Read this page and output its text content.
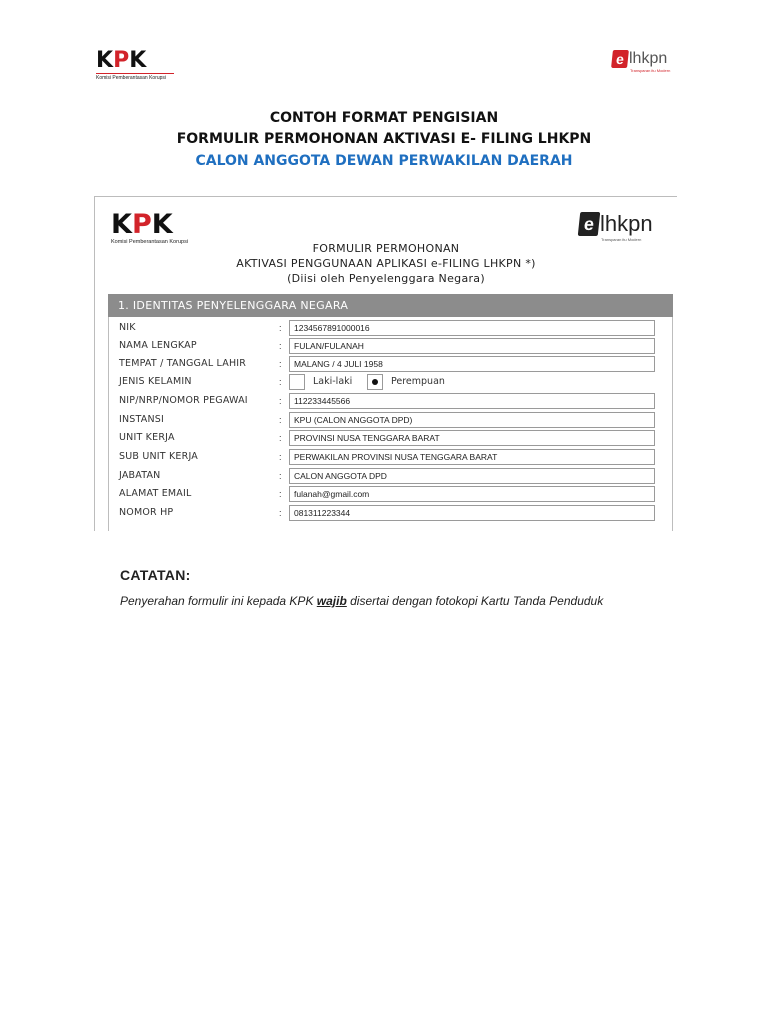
K P K
Komisi Pemberantasan Korupsi
e lhkpn
Transparan itu Modern
CONTOH FORMAT PENGISIAN
FORMULIR PERMOHONAN AKTIVASI E- FILING LHKPN
CALON ANGGOTA DEWAN PERWAKILAN DAERAH
K P K
Komisi Pemberantasan Korupsi
e lhkpn
Transparan itu Modern
FORMULIR PERMOHONAN
AKTIVASI PENGGUNAAN APLIKASI e-FILING LHKPN *)
(Diisi oleh Penyelenggara Negara)
1. IDENTITAS PENYELENGGARA NEGARA
NIK	:	1234567891000016
NAMA LENGKAP	:	FULAN/FULANAH
TEMPAT / TANGGAL LAHIR	:	MALANG / 4 JULI 1958
JENIS KELAMIN	:	Laki-laki	Perempuan
NIP/NRP/NOMOR PEGAWAI	:	112233445566
INSTANSI	:	KPU (CALON ANGGOTA DPD)
UNIT KERJA	:	PROVINSI NUSA TENGGARA BARAT
SUB UNIT KERJA	:	PERWAKILAN PROVINSI NUSA TENGGARA BARAT
JABATAN	:	CALON ANGGOTA DPD
ALAMAT EMAIL	:	fulanah@gmail.com
NOMOR HP	:	081311223344
CATATAN:
Penyerahan formulir ini kepada KPK wajib disertai dengan fotokopi Kartu Tanda Penduduk
